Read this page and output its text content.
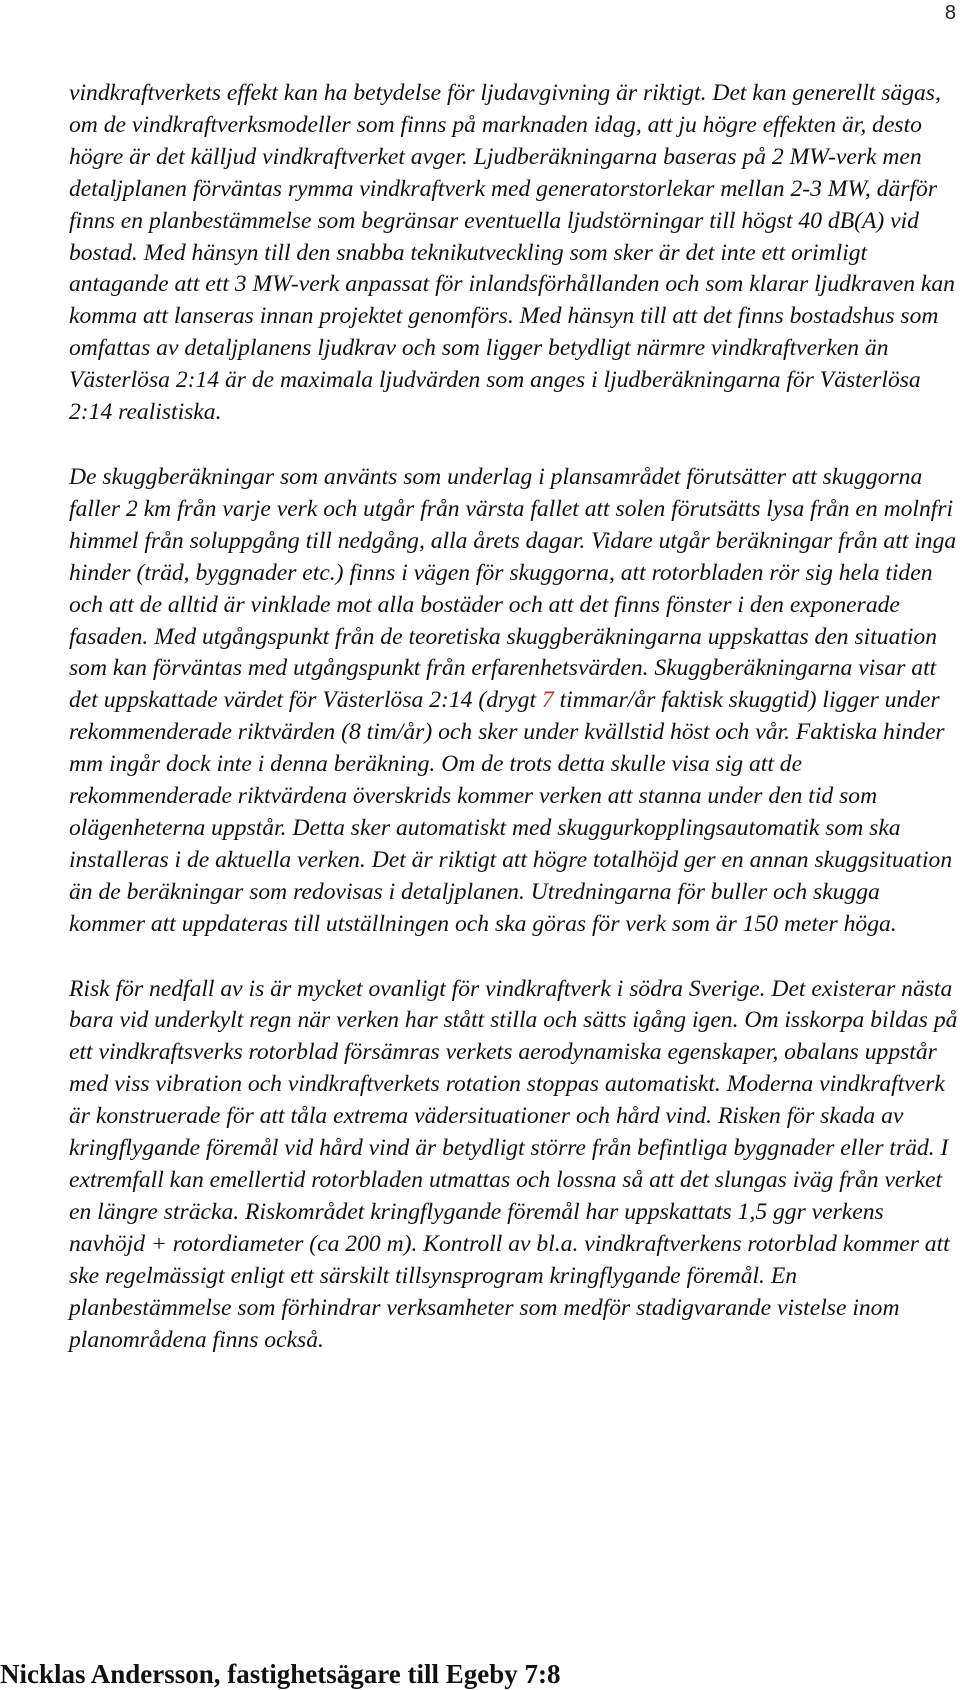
8

vindkraftverkets effekt kan ha betydelse för ljudavgivning är riktigt. Det kan generellt sägas, om de vindkraftverksmodeller som finns på marknaden idag, att ju högre effekten är, desto högre är det källjud vindkraftverket avger. Ljudberäkningarna baseras på 2 MW-verk men detaljplanen förväntas rymma vindkraftverk med generatorstorlekar mellan 2-3 MW, därför finns en planbestämmelse som begränsar eventuella ljudstörningar till högst 40 dB(A) vid bostad. Med hänsyn till den snabba teknikutveckling som sker är det inte ett orimligt antagande att ett 3 MW-verk anpassat för inlandsförhållanden och som klarar ljudkraven kan komma att lanseras innan projektet genomförs. Med hänsyn till att det finns bostadshus som omfattas av detaljplanens ljudkrav och som ligger betydligt närmre vindkraftverken än Västerlösa 2:14 är de maximala ljudvärden som anges i ljudberäkningarna för Västerlösa 2:14 realistiska.

De skuggberäkningar som använts som underlag i plansamrådet förutsätter att skuggorna faller 2 km från varje verk och utgår från värsta fallet att solen förutsätts lysa från en molnfri himmel från soluppgång till nedgång, alla årets dagar. Vidare utgår beräkningar från att inga hinder (träd, byggnader etc.) finns i vägen för skuggorna, att rotorbladen rör sig hela tiden och att de alltid är vinklade mot alla bostäder och att det finns fönster i den exponerade fasaden. Med utgångspunkt från de teoretiska skuggberäkningarna uppskattas den situation som kan förväntas med utgångspunkt från erfarenhetsvärden. Skuggberäkningarna visar att det uppskattade värdet för Västerlösa 2:14 (drygt 7 timmar/år faktisk skuggtid) ligger under rekommenderade riktvärden (8 tim/år) och sker under kvällstid höst och vår. Faktiska hinder mm ingår dock inte i denna beräkning. Om de trots detta skulle visa sig att de rekommenderade riktvärdena överskrids kommer verken att stanna under den tid som olägenheterna uppstår. Detta sker automatiskt med skuggurkopplingsautomatik som ska installeras i de aktuella verken. Det är riktigt att högre totalhöjd ger en annan skuggsituation än de beräkningar som redovisas i detaljplanen. Utredningarna för buller och skugga kommer att uppdateras till utställningen och ska göras för verk som är 150 meter höga.

Risk för nedfall av is är mycket ovanligt för vindkraftverk i södra Sverige. Det existerar nästa bara vid underkylt regn när verken har stått stilla och sätts igång igen. Om isskorpa bildas på ett vindkraftsverks rotorblad försämras verkets aerodynamiska egenskaper, obalans uppstår med viss vibration och vindkraftverkets rotation stoppas automatiskt. Moderna vindkraftverk är konstruerade för att tåla extrema vädersituationer och hård vind. Risken för skada av kringflygande föremål vid hård vind är betydligt större från befintliga byggnader eller träd. I extremfall kan emellertid rotorbladen utmattas och lossna så att det slungas iväg från verket en längre sträcka. Riskområdet kringflygande föremål har uppskattats 1,5 ggr verkens navhöjd + rotordiameter (ca 200 m). Kontroll av bl.a. vindkraftverkens rotorblad kommer att ske regelmässigt enligt ett särskilt tillsynsprogram kringflygande föremål. En planbestämmelse som förhindrar verksamheter som medför stadigvarande vistelse inom planområdena finns också.

Nicklas Andersson, fastighetsägare till Egeby 7:8
